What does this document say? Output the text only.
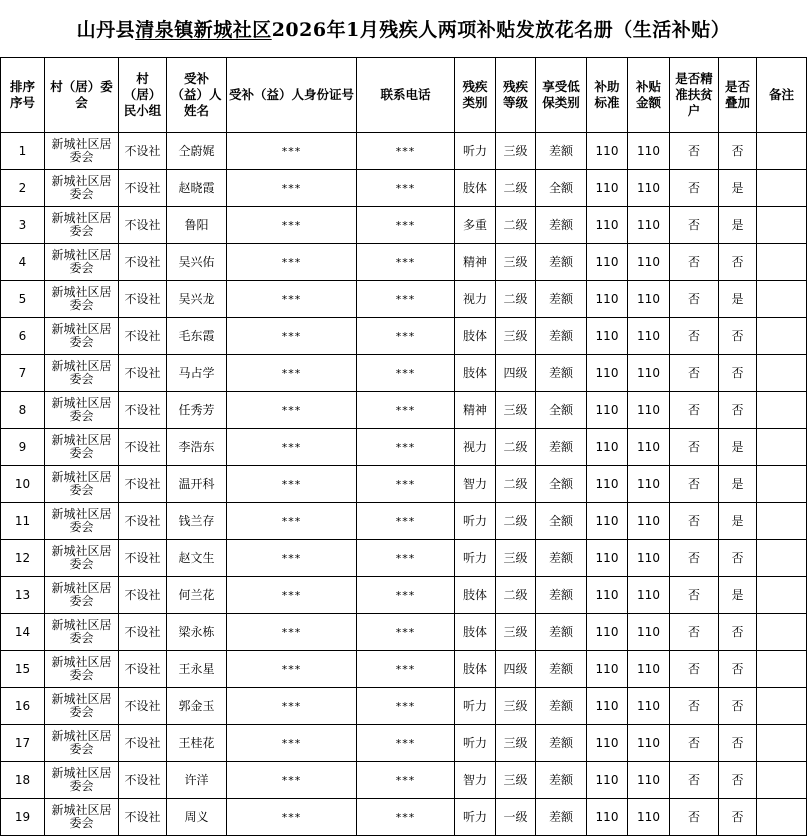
山丹县 清泉镇新城社区 2026年1月残疾人两项补贴发放花名册（生活补贴）
排序
序号	村（居）委
会	村（居）
民小组	受补
（益）人
姓名	受补（益）人身份证号	联系电话	残疾
类别	残疾
等级	享受低
保类别	补助
标准	补贴
金额	是否精
准扶贫
户	是否
叠加	备注
1	新城社区居
委会	不设社	仝蔚娓	***	***	听力	三级	差额	110	110	否	否	
2	新城社区居
委会	不设社	赵晓霞	***	***	肢体	二级	全额	110	110	否	是	
3	新城社区居
委会	不设社	鲁阳	***	***	多重	二级	差额	110	110	否	是	
4	新城社区居
委会	不设社	吴兴佑	***	***	精神	三级	差额	110	110	否	否	
5	新城社区居
委会	不设社	吴兴龙	***	***	视力	二级	差额	110	110	否	是	
6	新城社区居
委会	不设社	毛东霞	***	***	肢体	三级	差额	110	110	否	否	
7	新城社区居
委会	不设社	马占学	***	***	肢体	四级	差额	110	110	否	否	
8	新城社区居
委会	不设社	任秀芳	***	***	精神	三级	全额	110	110	否	否	
9	新城社区居
委会	不设社	李浩东	***	***	视力	二级	差额	110	110	否	是	
10	新城社区居
委会	不设社	温开科	***	***	智力	二级	全额	110	110	否	是	
11	新城社区居
委会	不设社	钱兰存	***	***	听力	二级	全额	110	110	否	是	
12	新城社区居
委会	不设社	赵文生	***	***	听力	三级	差额	110	110	否	否	
13	新城社区居
委会	不设社	何兰花	***	***	肢体	二级	差额	110	110	否	是	
14	新城社区居
委会	不设社	梁永栋	***	***	肢体	三级	差额	110	110	否	否	
15	新城社区居
委会	不设社	王永星	***	***	肢体	四级	差额	110	110	否	否	
16	新城社区居
委会	不设社	郭金玉	***	***	听力	三级	差额	110	110	否	否	
17	新城社区居
委会	不设社	王桂花	***	***	听力	三级	差额	110	110	否	否	
18	新城社区居
委会	不设社	许洋	***	***	智力	三级	差额	110	110	否	否	
19	新城社区居
委会	不设社	周义	***	***	听力	一级	差额	110	110	否	否	
